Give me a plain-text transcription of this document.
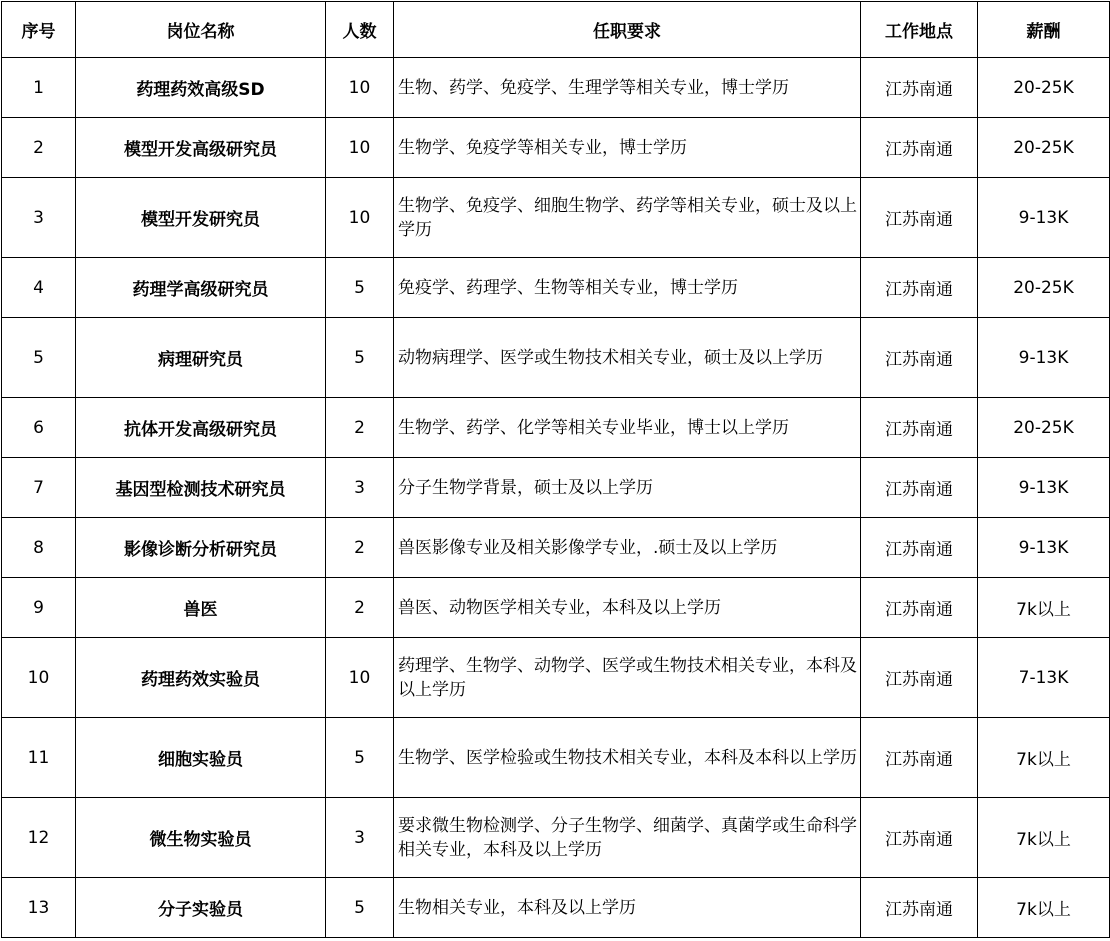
序号	岗位名称	人数	任职要求	工作地点	薪酬
1	药理药效高级SD	10	生物、药学、免疫学、生理学等相关专业，博士学历	江苏南通	20-25K
2	模型开发高级研究员	10	生物学、免疫学等相关专业，博士学历	江苏南通	20-25K
3	模型开发研究员	10	生物学、免疫学、细胞生物学、药学等相关专业，硕士及以上学历	江苏南通	9-13K
4	药理学高级研究员	5	免疫学、药理学、生物等相关专业，博士学历	江苏南通	20-25K
5	病理研究员	5	动物病理学、医学或生物技术相关专业，硕士及以上学历	江苏南通	9-13K
6	抗体开发高级研究员	2	生物学、药学、化学等相关专业毕业，博士以上学历	江苏南通	20-25K
7	基因型检测技术研究员	3	分子生物学背景，硕士及以上学历	江苏南通	9-13K
8	影像诊断分析研究员	2	兽医影像专业及相关影像学专业，.硕士及以上学历	江苏南通	9-13K
9	兽医	2	兽医、动物医学相关专业，本科及以上学历	江苏南通	7k以上
10	药理药效实验员	10	药理学、生物学、动物学、医学或生物技术相关专业，本科及以上学历	江苏南通	7-13K
11	细胞实验员	5	生物学、医学检验或生物技术相关专业，本科及本科以上学历	江苏南通	7k以上
12	微生物实验员	3	要求微生物检测学、分子生物学、细菌学、真菌学或生命科学相关专业，本科及以上学历	江苏南通	7k以上
13	分子实验员	5	生物相关专业，本科及以上学历	江苏南通	7k以上
